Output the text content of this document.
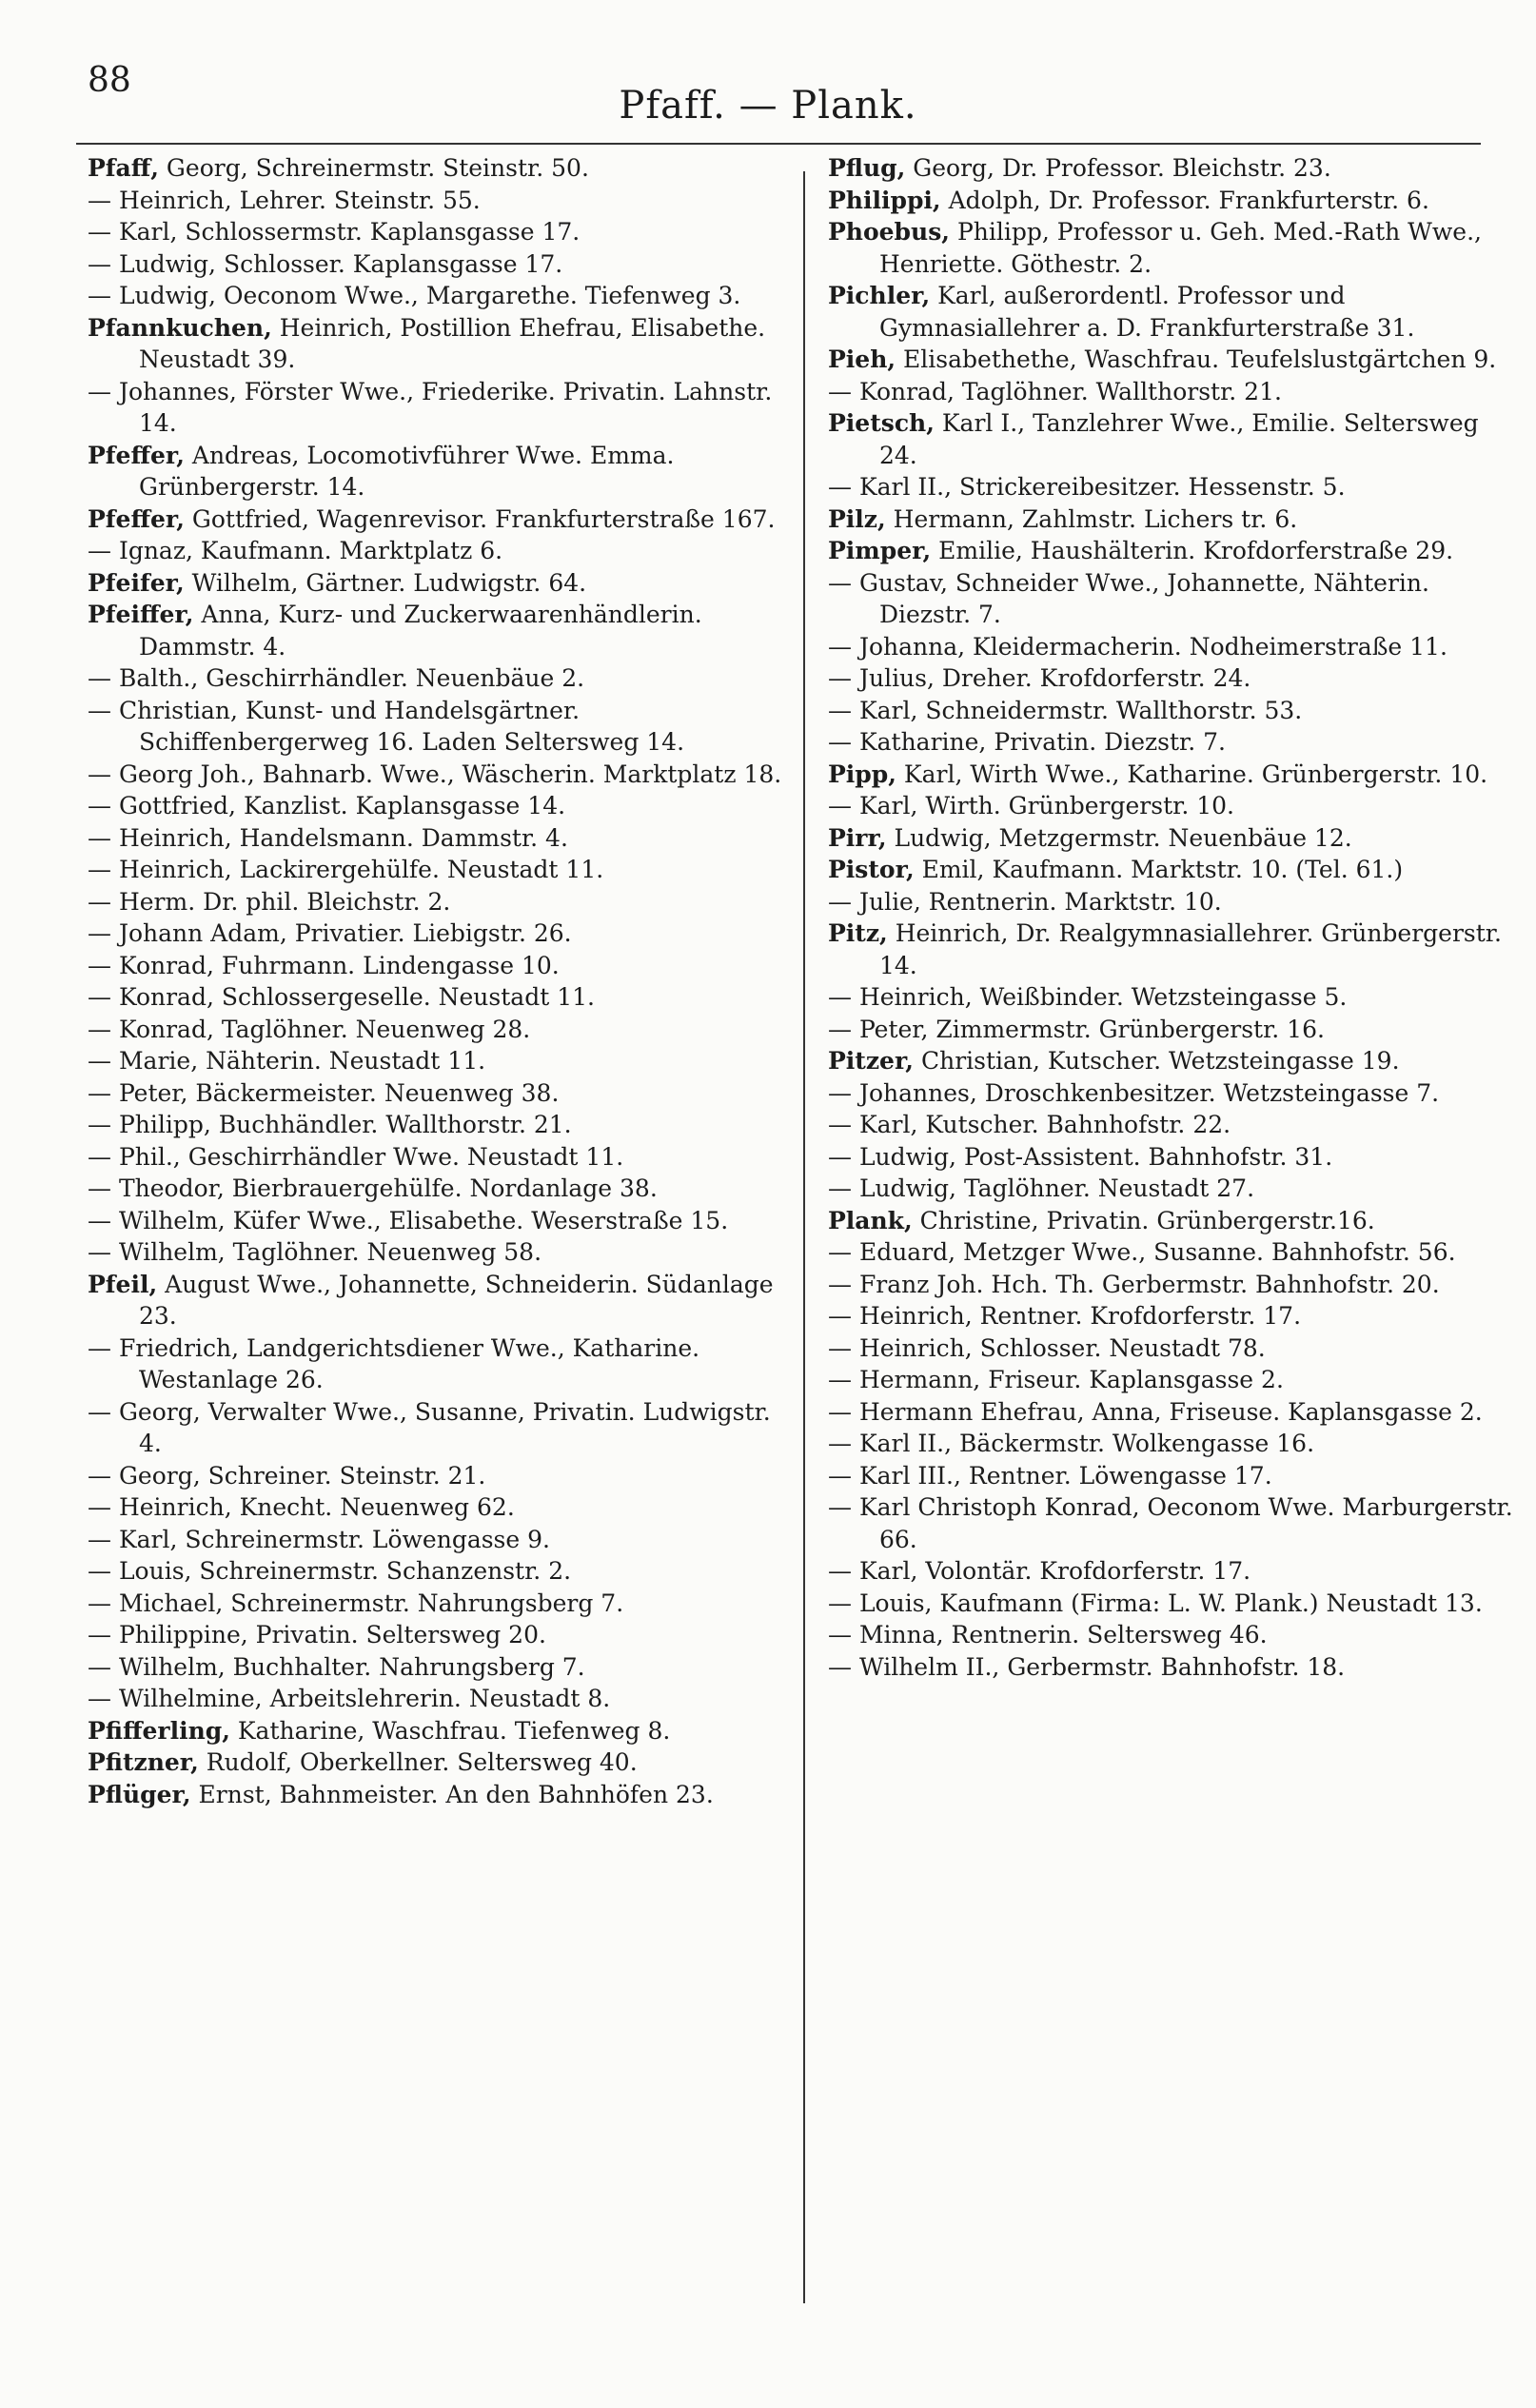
88
Pfaff. — Plank.

Pfaff, Georg, Schreinermstr. Steinstr. 50.

— Heinrich, Lehrer. Steinstr. 55.

— Karl, Schlossermstr. Kaplansgasse 17.

— Ludwig, Schlosser. Kaplansgasse 17.

— Ludwig, Oeconom Wwe., Margarethe. Tiefenweg 3.

Pfannkuchen, Heinrich, Postillion Ehefrau, Elisabethe. Neustadt 39.

— Johannes, Förster Wwe., Friederike. Privatin. Lahnstr. 14.

Pfeffer, Andreas, Locomotivführer Wwe. Emma. Grünbergerstr. 14.

Pfeffer, Gottfried, Wagenrevisor. Frankfurterstraße 167.

— Ignaz, Kaufmann. Marktplatz 6.

Pfeifer, Wilhelm, Gärtner. Ludwigstr. 64.

Pfeiffer, Anna, Kurz- und Zuckerwaarenhändlerin. Dammstr. 4.

— Balth., Geschirrhändler. Neuenbäue 2.

— Christian, Kunst- und Handelsgärtner. Schiffenbergerweg 16. Laden Seltersweg 14.

— Georg Joh., Bahnarb. Wwe., Wäscherin. Marktplatz 18.

— Gottfried, Kanzlist. Kaplansgasse 14.

— Heinrich, Handelsmann. Dammstr. 4.

— Heinrich, Lackirergehülfe. Neustadt 11.

— Herm. Dr. phil. Bleichstr. 2.

— Johann Adam, Privatier. Liebigstr. 26.

— Konrad, Fuhrmann. Lindengasse 10.

— Konrad, Schlossergeselle. Neustadt 11.

— Konrad, Taglöhner. Neuenweg 28.

— Marie, Nähterin. Neustadt 11.

— Peter, Bäckermeister. Neuenweg 38.

— Philipp, Buchhändler. Wallthorstr. 21.

— Phil., Geschirrhändler Wwe. Neustadt 11.

— Theodor, Bierbrauergehülfe. Nordanlage 38.

— Wilhelm, Küfer Wwe., Elisabethe. Weserstraße 15.

— Wilhelm, Taglöhner. Neuenweg 58.

Pfeil, August Wwe., Johannette, Schneiderin. Südanlage 23.

— Friedrich, Landgerichtsdiener Wwe., Katharine. Westanlage 26.

— Georg, Verwalter Wwe., Susanne, Privatin. Ludwigstr. 4.

— Georg, Schreiner. Steinstr. 21.

— Heinrich, Knecht. Neuenweg 62.

— Karl, Schreinermstr. Löwengasse 9.

— Louis, Schreinermstr. Schanzenstr. 2.

— Michael, Schreinermstr. Nahrungsberg 7.

— Philippine, Privatin. Seltersweg 20.

— Wilhelm, Buchhalter. Nahrungsberg 7.

— Wilhelmine, Arbeitslehrerin. Neustadt 8.

Pfifferling, Katharine, Waschfrau. Tiefenweg 8.

Pfitzner, Rudolf, Oberkellner. Seltersweg 40.

Pflüger, Ernst, Bahnmeister. An den Bahnhöfen 23.

Pflug, Georg, Dr. Professor. Bleichstr. 23.

Philippi, Adolph, Dr. Professor. Frankfurterstr. 6.

Phoebus, Philipp, Professor u. Geh. Med.-Rath Wwe., Henriette. Göthestr. 2.

Pichler, Karl, außerordentl. Professor und Gymnasiallehrer a. D. Frankfurterstraße 31.

Pieh, Elisabethethe, Waschfrau. Teufelslustgärtchen 9.

— Konrad, Taglöhner. Wallthorstr. 21.

Pietsch, Karl I., Tanzlehrer Wwe., Emilie. Seltersweg 24.

— Karl II., Strickereibesitzer. Hessenstr. 5.

Pilz, Hermann, Zahlmstr. Lichers tr. 6.

Pimper, Emilie, Haushälterin. Krofdorferstraße 29.

— Gustav, Schneider Wwe., Johannette, Nähterin. Diezstr. 7.

— Johanna, Kleidermacherin. Nodheimerstraße 11.

— Julius, Dreher. Krofdorferstr. 24.

— Karl, Schneidermstr. Wallthorstr. 53.

— Katharine, Privatin. Diezstr. 7.

Pipp, Karl, Wirth Wwe., Katharine. Grünbergerstr. 10.

— Karl, Wirth. Grünbergerstr. 10.

Pirr, Ludwig, Metzgermstr. Neuenbäue 12.

Pistor, Emil, Kaufmann. Marktstr. 10. (Tel. 61.)

— Julie, Rentnerin. Marktstr. 10.

Pitz, Heinrich, Dr. Realgymnasiallehrer. Grünbergerstr. 14.

— Heinrich, Weißbinder. Wetzsteingasse 5.

— Peter, Zimmermstr. Grünbergerstr. 16.

Pitzer, Christian, Kutscher. Wetzsteingasse 19.

— Johannes, Droschkenbesitzer. Wetzsteingasse 7.

— Karl, Kutscher. Bahnhofstr. 22.

— Ludwig, Post-Assistent. Bahnhofstr. 31.

— Ludwig, Taglöhner. Neustadt 27.

Plank, Christine, Privatin. Grünbergerstr.16.

— Eduard, Metzger Wwe., Susanne. Bahnhofstr. 56.

— Franz Joh. Hch. Th. Gerbermstr. Bahnhofstr. 20.

— Heinrich, Rentner. Krofdorferstr. 17.

— Heinrich, Schlosser. Neustadt 78.

— Hermann, Friseur. Kaplansgasse 2.

— Hermann Ehefrau, Anna, Friseuse. Kaplansgasse 2.

— Karl II., Bäckermstr. Wolkengasse 16.

— Karl III., Rentner. Löwengasse 17.

— Karl Christoph Konrad, Oeconom Wwe. Marburgerstr. 66.

— Karl, Volontär. Krofdorferstr. 17.

— Louis, Kaufmann (Firma: L. W. Plank.) Neustadt 13.

— Minna, Rentnerin. Seltersweg 46.

— Wilhelm II., Gerbermstr. Bahnhofstr. 18.
